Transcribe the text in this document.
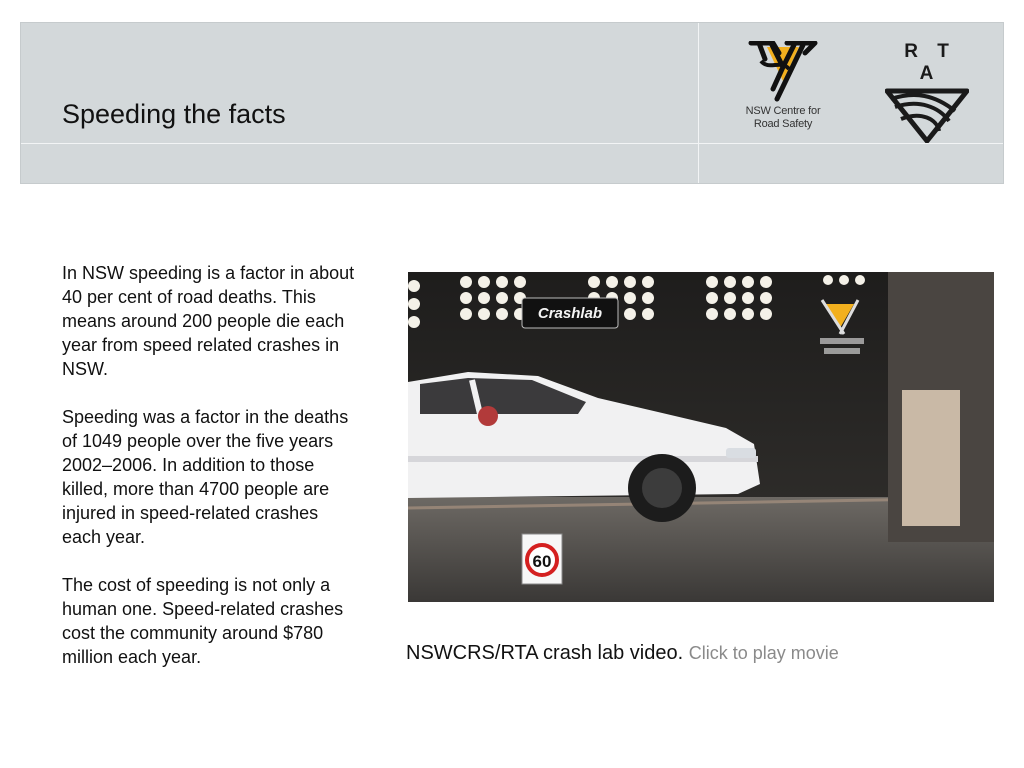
Speeding the facts	NSW Centre for
Road Safety
R T A

In NSW speeding is a factor in about 40 per cent of road deaths. This means around 200 people die each year from speed related crashes in NSW.

Speeding was a factor in the deaths of 1049 people over the five years 2002–2006. In addition to those killed, more than 4700 people are injured in speed-related crashes each year.

The cost of speeding is not only a human one. Speed-related crashes cost the community around $780 million each year.

Crashlab
60
NSWCRS/RTA crash lab video. Click to play movie
